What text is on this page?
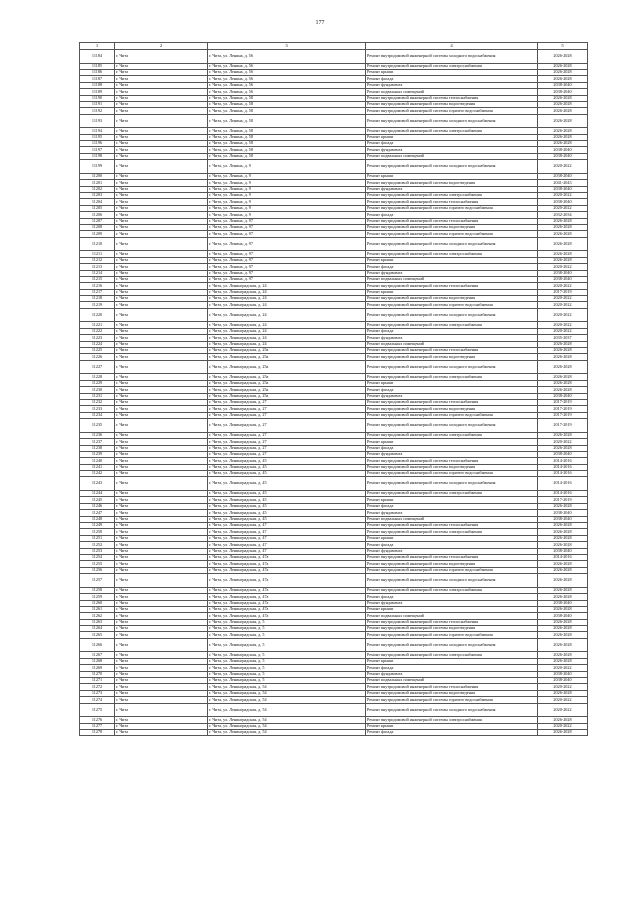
177
1	2	3	4	5
11184	г. Чита	г. Чита, ул. Ленина, д. 56	Ремонт внутридомовой инженерной системы холодного водоснабжения	2026-2028
11185	г. Чита	г. Чита, ул. Ленина, д. 56	Ремонт внутридомовой инженерной системы электроснабжения	2026-2028
11186	г. Чита	г. Чита, ул. Ленина, д. 56	Ремонт крыши	2026-2028
11187	г. Чита	г. Чита, ул. Ленина, д. 56	Ремонт фасада	2026-2028
11188	г. Чита	г. Чита, ул. Ленина, д. 56	Ремонт фундамента	2038-2040
11189	г. Чита	г. Чита, ул. Ленина, д. 56	Ремонт подвальных помещений	2038-2040
11190	г. Чита	г. Чита, ул. Ленина, д. 58	Ремонт внутридомовой инженерной системы теплоснабжения	2026-2028
11191	г. Чита	г. Чита, ул. Ленина, д. 58	Ремонт внутридомовой инженерной системы водоотведения	2026-2028
11192	г. Чита	г. Чита, ул. Ленина, д. 58	Ремонт внутридомовой инженерной системы горячего водоснабжения	2026-2028
11193	г. Чита	г. Чита, ул. Ленина, д. 58	Ремонт внутридомовой инженерной системы холодного водоснабжения	2026-2028
11194	г. Чита	г. Чита, ул. Ленина, д. 58	Ремонт внутридомовой инженерной системы электроснабжения	2026-2028
11195	г. Чита	г. Чита, ул. Ленина, д. 58	Ремонт крыши	2026-2028
11196	г. Чита	г. Чита, ул. Ленина, д. 58	Ремонт фасада	2026-2028
11197	г. Чита	г. Чита, ул. Ленина, д. 58	Ремонт фундамента	2038-2040
11198	г. Чита	г. Чита, ул. Ленина, д. 58	Ремонт подвальных помещений	2038-2040
11199	г. Чита	г. Чита, ул. Ленина, д. 9	Ремонт внутридомовой инженерной системы холодного водоснабжения	2020-2022
11200	г. Чита	г. Чита, ул. Ленина, д. 9	Ремонт крыши	2038-2040
11201	г. Чита	г. Чита, ул. Ленина, д. 9	Ремонт внутридомовой инженерной системы водоотведения	2041-2043
11202	г. Чита	г. Чита, ул. Ленина, д. 9	Ремонт фундамента	2038-2040
11203	г. Чита	г. Чита, ул. Ленина, д. 9	Ремонт внутридомовой инженерной системы электроснабжения	2020-2022
11204	г. Чита	г. Чита, ул. Ленина, д. 9	Ремонт внутридомовой инженерной системы теплоснабжения	2038-2040
11205	г. Чита	г. Чита, ул. Ленина, д. 9	Ремонт внутридомовой инженерной системы горячего водоснабжения	2020-2022
11206	г. Чита	г. Чита, ул. Ленина, д. 9	Ремонт фасада	2032-2034
11207	г. Чита	г. Чита, ул. Ленина, д. 97	Ремонт внутридомовой инженерной системы теплоснабжения	2026-2028
11208	г. Чита	г. Чита, ул. Ленина, д. 97	Ремонт внутридомовой инженерной системы водоотведения	2026-2028
11209	г. Чита	г. Чита, ул. Ленина, д. 97	Ремонт внутридомовой инженерной системы горячего водоснабжения	2026-2028
11210	г. Чита	г. Чита, ул. Ленина, д. 97	Ремонт внутридомовой инженерной системы холодного водоснабжения	2026-2028
11211	г. Чита	г. Чита, ул. Ленина, д. 97	Ремонт внутридомовой инженерной системы электроснабжения	2026-2028
11212	г. Чита	г. Чита, ул. Ленина, д. 97	Ремонт крыши	2026-2028
11213	г. Чита	г. Чита, ул. Ленина, д. 97	Ремонт фасада	2020-2022
11214	г. Чита	г. Чита, ул. Ленина, д. 97	Ремонт фундамента	2038-2040
11215	г. Чита	г. Чита, ул. Ленина, д. 97	Ремонт подвальных помещений	2038-2040
11216	г. Чита	г. Чита, ул. Ленинградская, д. 24	Ремонт внутридомовой инженерной системы теплоснабжения	2020-2022
11217	г. Чита	г. Чита, ул. Ленинградская, д. 24	Ремонт крыши	2017-2019
11218	г. Чита	г. Чита, ул. Ленинградская, д. 24	Ремонт внутридомовой инженерной системы водоотведения	2020-2022
11219	г. Чита	г. Чита, ул. Ленинградская, д. 24	Ремонт внутридомовой инженерной системы горячего водоснабжения	2020-2022
11220	г. Чита	г. Чита, ул. Ленинградская, д. 24	Ремонт внутридомовой инженерной системы холодного водоснабжения	2020-2022
11221	г. Чита	г. Чита, ул. Ленинградская, д. 24	Ремонт внутридомовой инженерной системы электроснабжения	2020-2022
11222	г. Чита	г. Чита, ул. Ленинградская, д. 24	Ремонт фасада	2020-2022
11223	г. Чита	г. Чита, ул. Ленинградская, д. 24	Ремонт фундамента	2035-2037
11224	г. Чита	г. Чита, ул. Ленинградская, д. 24	Ремонт подвальных помещений	2026-2028
11225	г. Чита	г. Чита, ул. Ленинградская, д. 25а	Ремонт внутридомовой инженерной системы теплоснабжения	2026-2028
11226	г. Чита	г. Чита, ул. Ленинградская, д. 25а	Ремонт внутридомовой инженерной системы водоотведения	2026-2028
11227	г. Чита	г. Чита, ул. Ленинградская, д. 25а	Ремонт внутридомовой инженерной системы холодного водоснабжения	2026-2028
11228	г. Чита	г. Чита, ул. Ленинградская, д. 25а	Ремонт внутридомовой инженерной системы электроснабжения	2026-2028
11229	г. Чита	г. Чита, ул. Ленинградская, д. 25а	Ремонт крыши	2026-2028
11230	г. Чита	г. Чита, ул. Ленинградская, д. 25а	Ремонт фасада	2026-2028
11231	г. Чита	г. Чита, ул. Ленинградская, д. 25а	Ремонт фундамента	2038-2040
11232	г. Чита	г. Чита, ул. Ленинградская, д. 27	Ремонт внутридомовой инженерной системы теплоснабжения	2017-2019
11233	г. Чита	г. Чита, ул. Ленинградская, д. 27	Ремонт внутридомовой инженерной системы водоотведения	2017-2019
11234	г. Чита	г. Чита, ул. Ленинградская, д. 27	Ремонт внутридомовой инженерной системы горячего водоснабжения	2017-2019
11235	г. Чита	г. Чита, ул. Ленинградская, д. 27	Ремонт внутридомовой инженерной системы холодного водоснабжения	2017-2019
11236	г. Чита	г. Чита, ул. Ленинградская, д. 27	Ремонт внутридомовой инженерной системы электроснабжения	2026-2028
11237	г. Чита	г. Чита, ул. Ленинградская, д. 27	Ремонт крыши	2020-2022
11238	г. Чита	г. Чита, ул. Ленинградская, д. 27	Ремонт фасада	2026-2028
11239	г. Чита	г. Чита, ул. Ленинградская, д. 27	Ремонт фундамента	2038-2040
11240	г. Чита	г. Чита, ул. Ленинградская, д. 45	Ремонт внутридомовой инженерной системы теплоснабжения	2014-2016
11241	г. Чита	г. Чита, ул. Ленинградская, д. 45	Ремонт внутридомовой инженерной системы водоотведения	2014-2016
11242	г. Чита	г. Чита, ул. Ленинградская, д. 45	Ремонт внутридомовой инженерной системы горячего водоснабжения	2014-2016
11243	г. Чита	г. Чита, ул. Ленинградская, д. 45	Ремонт внутридомовой инженерной системы холодного водоснабжения	2014-2016
11244	г. Чита	г. Чита, ул. Ленинградская, д. 45	Ремонт внутридомовой инженерной системы электроснабжения	2014-2016
11245	г. Чита	г. Чита, ул. Ленинградская, д. 45	Ремонт крыши	2017-2019
11246	г. Чита	г. Чита, ул. Ленинградская, д. 45	Ремонт фасада	2026-2028
11247	г. Чита	г. Чита, ул. Ленинградская, д. 45	Ремонт фундамента	2038-2040
11248	г. Чита	г. Чита, ул. Ленинградская, д. 45	Ремонт подвальных помещений	2038-2040
11249	г. Чита	г. Чита, ул. Ленинградская, д. 47	Ремонт внутридомовой инженерной системы теплоснабжения	2026-2028
11250	г. Чита	г. Чита, ул. Ленинградская, д. 47	Ремонт внутридомовой инженерной системы электроснабжения	2026-2028
11251	г. Чита	г. Чита, ул. Ленинградская, д. 47	Ремонт крыши	2026-2028
11252	г. Чита	г. Чита, ул. Ленинградская, д. 47	Ремонт фасада	2026-2028
11253	г. Чита	г. Чита, ул. Ленинградская, д. 47	Ремонт фундамента	2038-2040
11254	г. Чита	г. Чита, ул. Ленинградская, д. 47а	Ремонт внутридомовой инженерной системы теплоснабжения	2014-2016
11255	г. Чита	г. Чита, ул. Ленинградская, д. 47а	Ремонт внутридомовой инженерной системы водоотведения	2026-2028
11256	г. Чита	г. Чита, ул. Ленинградская, д. 47а	Ремонт внутридомовой инженерной системы горячего водоснабжения	2026-2028
11257	г. Чита	г. Чита, ул. Ленинградская, д. 47а	Ремонт внутридомовой инженерной системы холодного водоснабжения	2026-2028
11258	г. Чита	г. Чита, ул. Ленинградская, д. 47а	Ремонт внутридомовой инженерной системы электроснабжения	2026-2028
11259	г. Чита	г. Чита, ул. Ленинградская, д. 47а	Ремонт фасада	2026-2028
11260	г. Чита	г. Чита, ул. Ленинградская, д. 47а	Ремонт фундамента	2038-2040
11261	г. Чита	г. Чита, ул. Ленинградская, д. 47а	Ремонт крыши	2026-2028
11262	г. Чита	г. Чита, ул. Ленинградская, д. 47а	Ремонт подвальных помещений	2038-2040
11263	г. Чита	г. Чита, ул. Ленинградская, д. 5	Ремонт внутридомовой инженерной системы теплоснабжения	2026-2028
11264	г. Чита	г. Чита, ул. Ленинградская, д. 5	Ремонт внутридомовой инженерной системы водоотведения	2026-2028
11265	г. Чита	г. Чита, ул. Ленинградская, д. 5	Ремонт внутридомовой инженерной системы горячего водоснабжения	2026-2028
11266	г. Чита	г. Чита, ул. Ленинградская, д. 5	Ремонт внутридомовой инженерной системы холодного водоснабжения	2026-2028
11267	г. Чита	г. Чита, ул. Ленинградская, д. 5	Ремонт внутридомовой инженерной системы электроснабжения	2026-2028
11268	г. Чита	г. Чита, ул. Ленинградская, д. 5	Ремонт крыши	2026-2028
11269	г. Чита	г. Чита, ул. Ленинградская, д. 5	Ремонт фасада	2020-2022
11270	г. Чита	г. Чита, ул. Ленинградская, д. 5	Ремонт фундамента	2038-2040
11271	г. Чита	г. Чита, ул. Ленинградская, д. 5	Ремонт подвальных помещений	2038-2040
11272	г. Чита	г. Чита, ул. Ленинградская, д. 54	Ремонт внутридомовой инженерной системы теплоснабжения	2020-2022
11273	г. Чита	г. Чита, ул. Ленинградская, д. 54	Ремонт внутридомовой инженерной системы водоотведения	2026-2028
11274	г. Чита	г. Чита, ул. Ленинградская, д. 54	Ремонт внутридомовой инженерной системы горячего водоснабжения	2020-2022
11275	г. Чита	г. Чита, ул. Ленинградская, д. 54	Ремонт внутридомовой инженерной системы холодного водоснабжения	2020-2022
11276	г. Чита	г. Чита, ул. Ленинградская, д. 54	Ремонт внутридомовой инженерной системы электроснабжения	2026-2028
11277	г. Чита	г. Чита, ул. Ленинградская, д. 54	Ремонт крыши	2020-2022
11278	г. Чита	г. Чита, ул. Ленинградская, д. 54	Ремонт фасада	2026-2028
